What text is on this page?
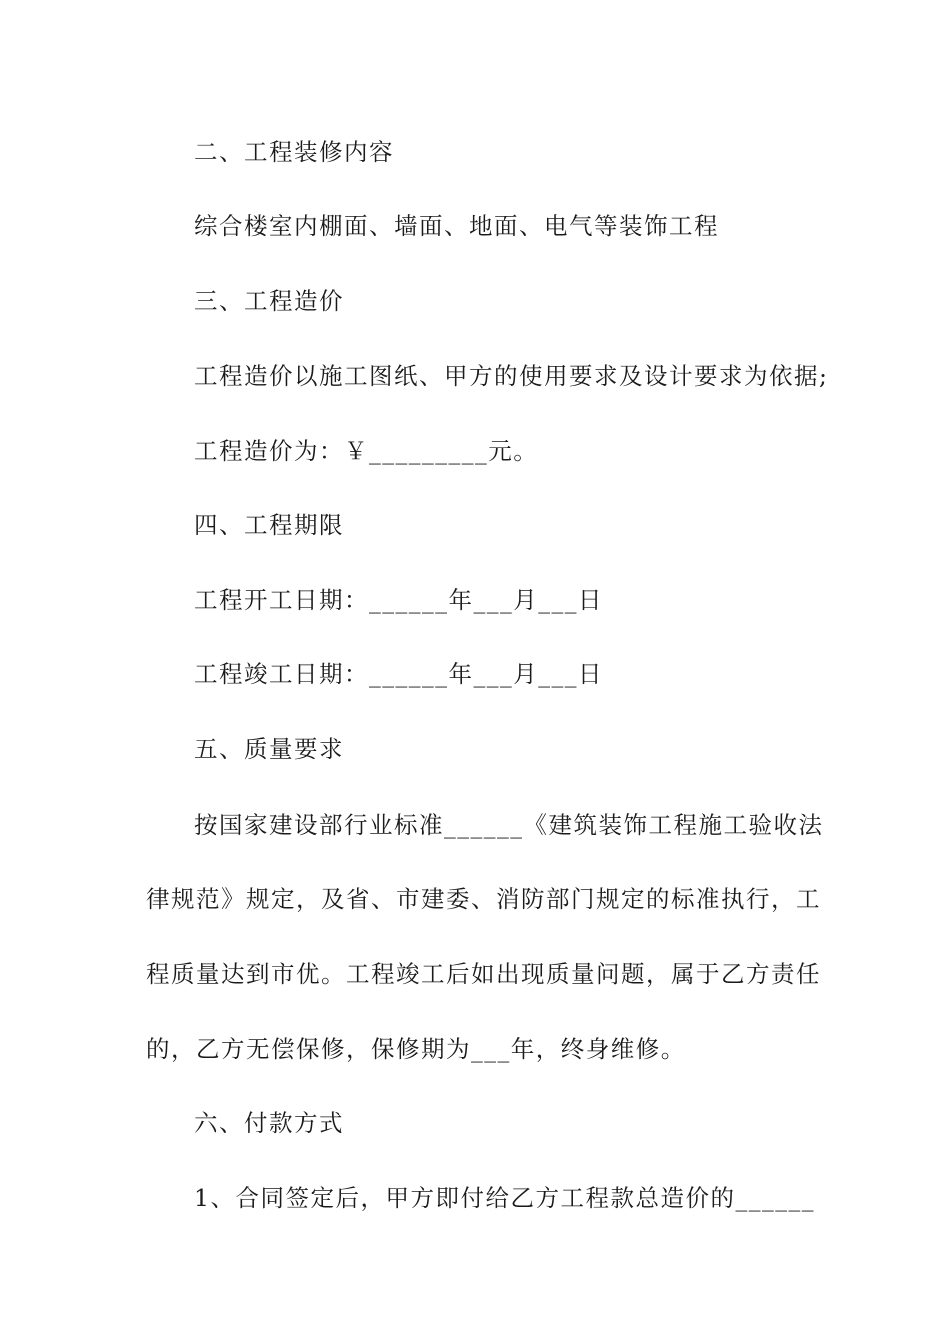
二、工程装修内容
综合楼室内棚面、墙面、地面、电气等装饰工程
三、工程造价
工程造价以施工图纸、甲方的使用要求及设计要求为依据;
工程造价为：￥_________元。
四、工程期限
工程开工日期：______年___月___日
工程竣工日期：______年___月___日
五、质量要求
按国家建设部行业标准______《建筑装饰工程施工验收法
律规范》规定，及省、市建委、消防部门规定的标准执行，工
程质量达到市优。工程竣工后如出现质量问题，属于乙方责任
的，乙方无偿保修，保修期为___年，终身维修。
六、付款方式
1、合同签定后，甲方即付给乙方工程款总造价的______
